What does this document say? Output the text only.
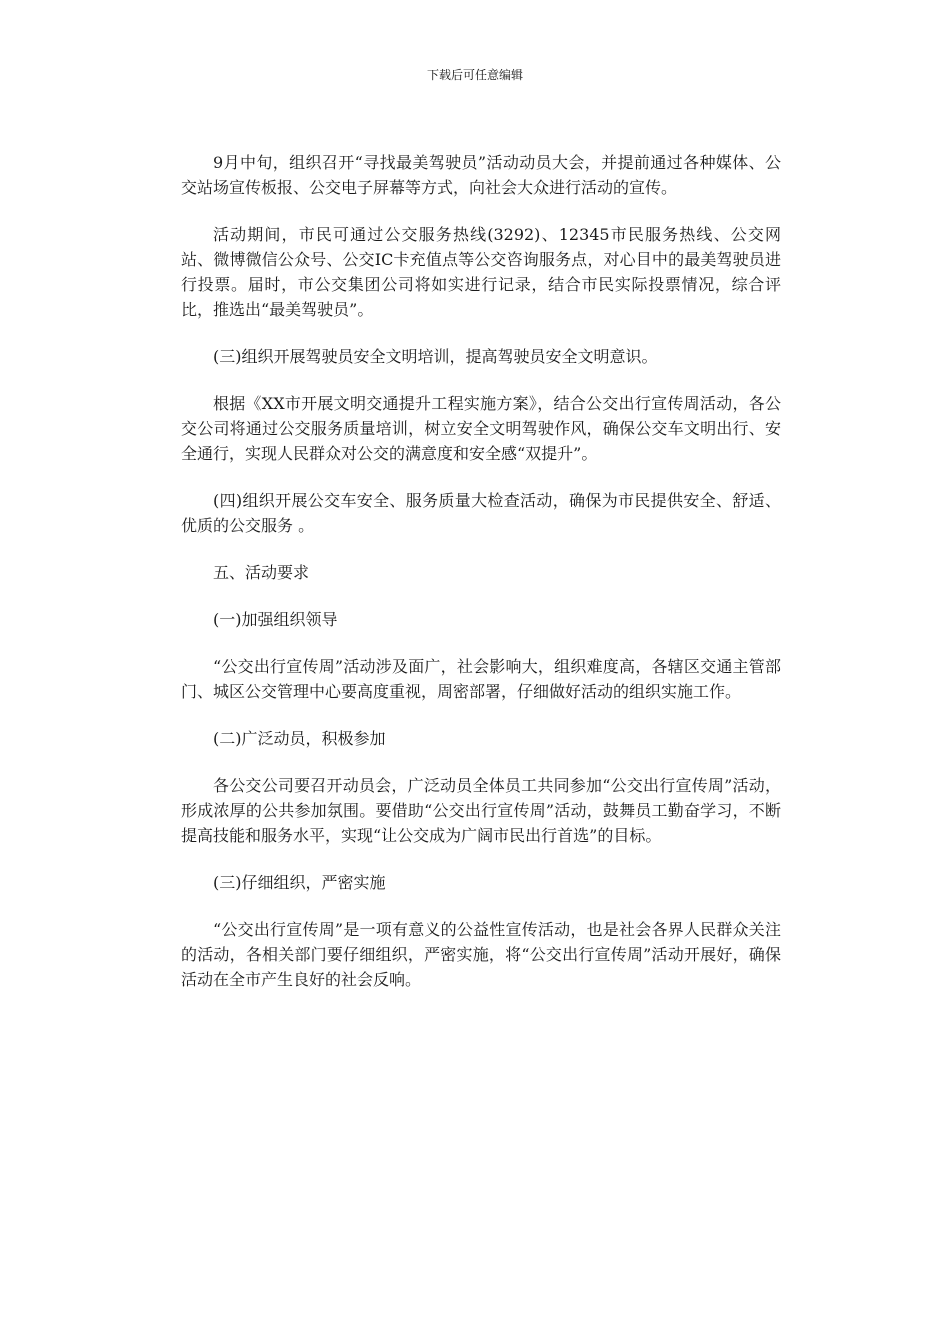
下载后可任意编辑

9月中旬，组织召开“寻找最美驾驶员”活动动员大会，并提前通过各种媒体、公交站场宣传板报、公交电子屏幕等方式，向社会大众进行活动的宣传。

活动期间，市民可通过公交服务热线(3292)、12345市民服务热线、公交网站、微博微信公众号、公交IC卡充值点等公交咨询服务点，对心目中的最美驾驶员进行投票。届时，市公交集团公司将如实进行记录，结合市民实际投票情况，综合评比，推选出“最美驾驶员”。

(三)组织开展驾驶员安全文明培训，提高驾驶员安全文明意识。

根据《XX市开展文明交通提升工程实施方案》，结合公交出行宣传周活动，各公交公司将通过公交服务质量培训，树立安全文明驾驶作风，确保公交车文明出行、安全通行，实现人民群众对公交的满意度和安全感“双提升”。

(四)组织开展公交车安全、服务质量大检查活动，确保为市民提供安全、舒适、优质的公交服务 。

五、活动要求

(一)加强组织领导

“公交出行宣传周”活动涉及面广，社会影响大，组织难度高，各辖区交通主管部门、城区公交管理中心要高度重视，周密部署，仔细做好活动的组织实施工作。

(二)广泛动员，积极参加

各公交公司要召开动员会，广泛动员全体员工共同参加“公交出行宣传周”活动，形成浓厚的公共参加氛围。要借助“公交出行宣传周”活动，鼓舞员工勤奋学习，不断提高技能和服务水平，实现“让公交成为广阔市民出行首选”的目标。

(三)仔细组织，严密实施

“公交出行宣传周”是一项有意义的公益性宣传活动，也是社会各界人民群众关注的活动，各相关部门要仔细组织，严密实施，将“公交出行宣传周”活动开展好，确保活动在全市产生良好的社会反响。
